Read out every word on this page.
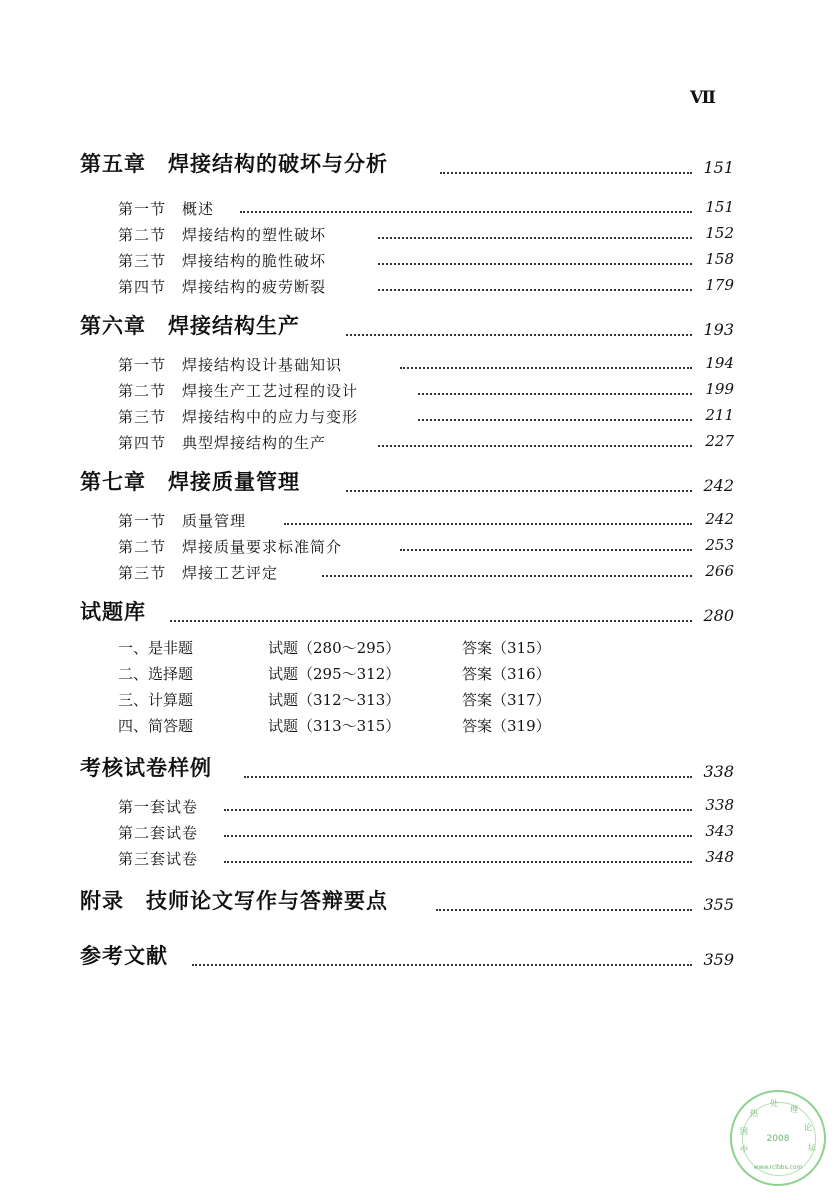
Ⅶ
第五章　焊接结构的破坏与分析	151
第一节　概述	151
第二节　焊接结构的塑性破坏	152
第三节　焊接结构的脆性破坏	158
第四节　焊接结构的疲劳断裂	179
第六章　焊接结构生产	193
第一节　焊接结构设计基础知识	194
第二节　焊接生产工艺过程的设计	199
第三节　焊接结构中的应力与变形	211
第四节　典型焊接结构的生产	227
第七章　焊接质量管理	242
第一节　质量管理	242
第二节　焊接质量要求标准简介	253
第三节　焊接工艺评定	266
试题库	280
一、是非题	试题（280～295）	答案（315）
二、选择题	试题（295～312）	答案（316）
三、计算题	试题（312～313）	答案（317）
四、简答题	试题（313～315）	答案（319）
考核试卷样例	338
第一套试卷	338
第二套试卷	343
第三套试卷	348
附录　技师论文写作与答辩要点	355
参考文献	359
中
国
热
处
理
论
坛
2008
www.rclbbs.com
